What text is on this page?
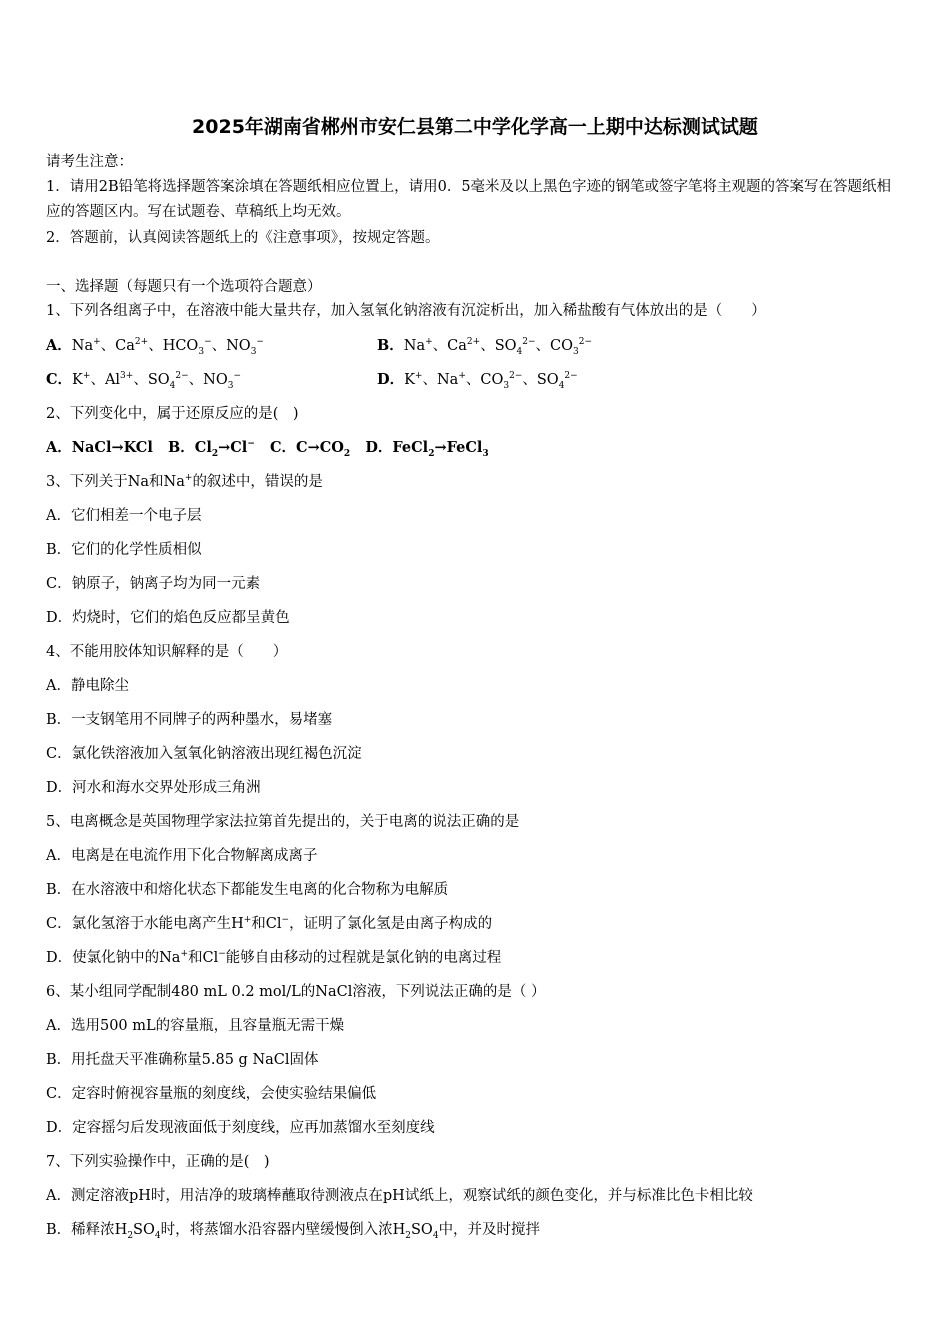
2025年湖南省郴州市安仁县第二中学化学高一上期中达标测试试题
请考生注意：
1．请用2B铅笔将选择题答案涂填在答题纸相应位置上，请用0．5毫米及以上黑色字迹的钢笔或签字笔将主观题的答案写在答题纸相应的答题区内。写在试题卷、草稿纸上均无效。
2．答题前，认真阅读答题纸上的《注意事项》，按规定答题。
一、选择题（每题只有一个选项符合题意）
1、下列各组离子中，在溶液中能大量共存，加入氢氧化钠溶液有沉淀析出，加入稀盐酸有气体放出的是（　　）
A．Na+、$Ca^{2+}$、$HCO_3^-$、$NO_3^-$	B．Na+、$Ca^{2+}$、$SO_4^{2-}$、$CO_3^{2-}$
C．K+、$Al^{3+}$、$SO_4^{2-}$、$NO_3^-$	D．K+、Na+、$CO_3^{2-}$、$SO_4^{2-}$
2、下列变化中，属于还原反应的是(　)
A．NaCl→KCl B．$Cl_2\to Cl^-$ C．$C\to CO_2$ D．FeCl$_2$→FeCl$_3$
3、下列关于Na和Na+的叙述中，错误的是
A．它们相差一个电子层
B．它们的化学性质相似
C．钠原子，钠离子均为同一元素
D．灼烧时，它们的焰色反应都呈黄色
4、不能用胶体知识解释的是（　　）
A．静电除尘
B．一支钢笔用不同牌子的两种墨水，易堵塞
C．氯化铁溶液加入氢氧化钠溶液出现红褐色沉淀
D．河水和海水交界处形成三角洲
5、电离概念是英国物理学家法拉第首先提出的，关于电离的说法正确的是
A．电离是在电流作用下化合物解离成离子
B．在水溶液中和熔化状态下都能发生电离的化合物称为电解质
C．氯化氢溶于水能电离产生H+和Cl−，证明了氯化氢是由离子构成的
D．使氯化钠中的Na+和Cl−能够自由移动的过程就是氯化钠的电离过程
6、某小组同学配制480 mL 0.2 mol/L的NaCl溶液，下列说法正确的是（ ）
A．选用500 mL的容量瓶，且容量瓶无需干燥
B．用托盘天平准确称量5.85 g NaCl固体
C．定容时俯视容量瓶的刻度线，会使实验结果偏低
D．定容摇匀后发现液面低于刻度线，应再加蒸馏水至刻度线
7、下列实验操作中，正确的是(　)
A．测定溶液pH时，用洁净的玻璃棒蘸取待测液点在pH试纸上，观察试纸的颜色变化，并与标准比色卡相比较
B．稀释浓$H_2SO_4$时，将蒸馏水沿容器内壁缓慢倒入浓$H_2SO_4$中，并及时搅拌
